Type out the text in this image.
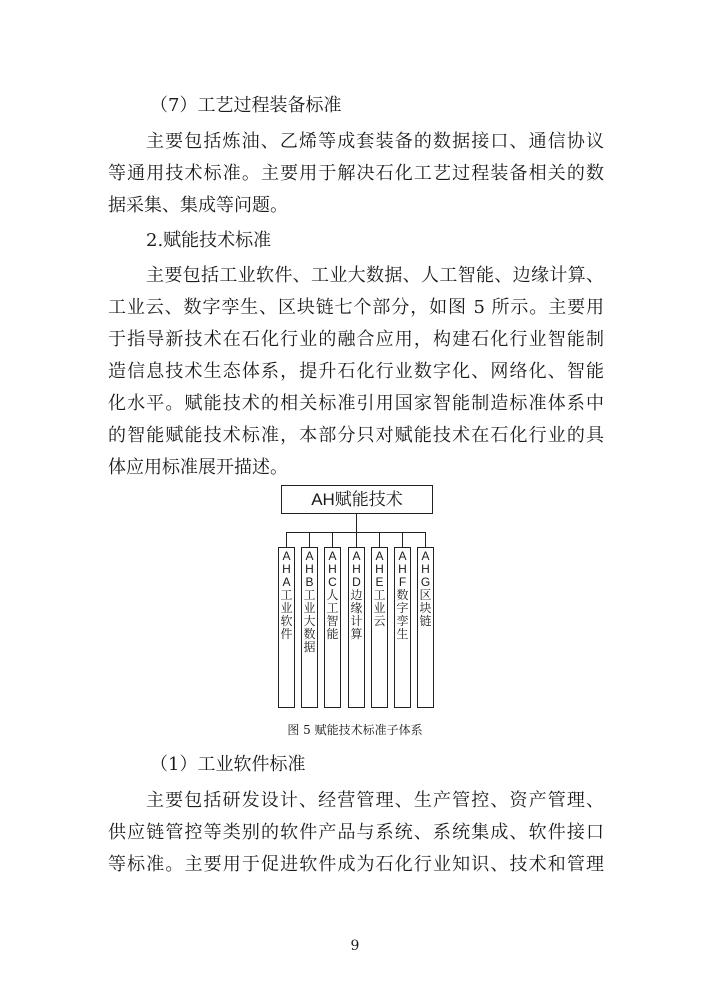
（7）工艺过程装备标准
主要包括炼油、乙烯等成套装备的数据接口、通信协议
等通用技术标准。主要用于解决石化工艺过程装备相关的数
据采集、集成等问题。
2.赋能技术标准
主要包括工业软件、工业大数据、人工智能、边缘计算、
工业云、数字孪生、区块链七个部分，如图 5 所示。主要用
于指导新技术在石化行业的融合应用，构建石化行业智能制
造信息技术生态体系，提升石化行业数字化、网络化、智能
化水平。赋能技术的相关标准引用国家智能制造标准体系中
的智能赋能技术标准，本部分只对赋能技术在石化行业的具
体应用标准展开描述。
AH赋能技术
AHA工业软件
AHB工业大数据
AHC人工智能
AHD边缘计算
AHE工业云
AHF数字孪生
AHG区块链
图 5 赋能技术标准子体系
（1）工业软件标准
主要包括研发设计、经营管理、生产管控、资产管理、
供应链管控等类别的软件产品与系统、系统集成、软件接口
等标准。主要用于促进软件成为石化行业知识、技术和管理
9
